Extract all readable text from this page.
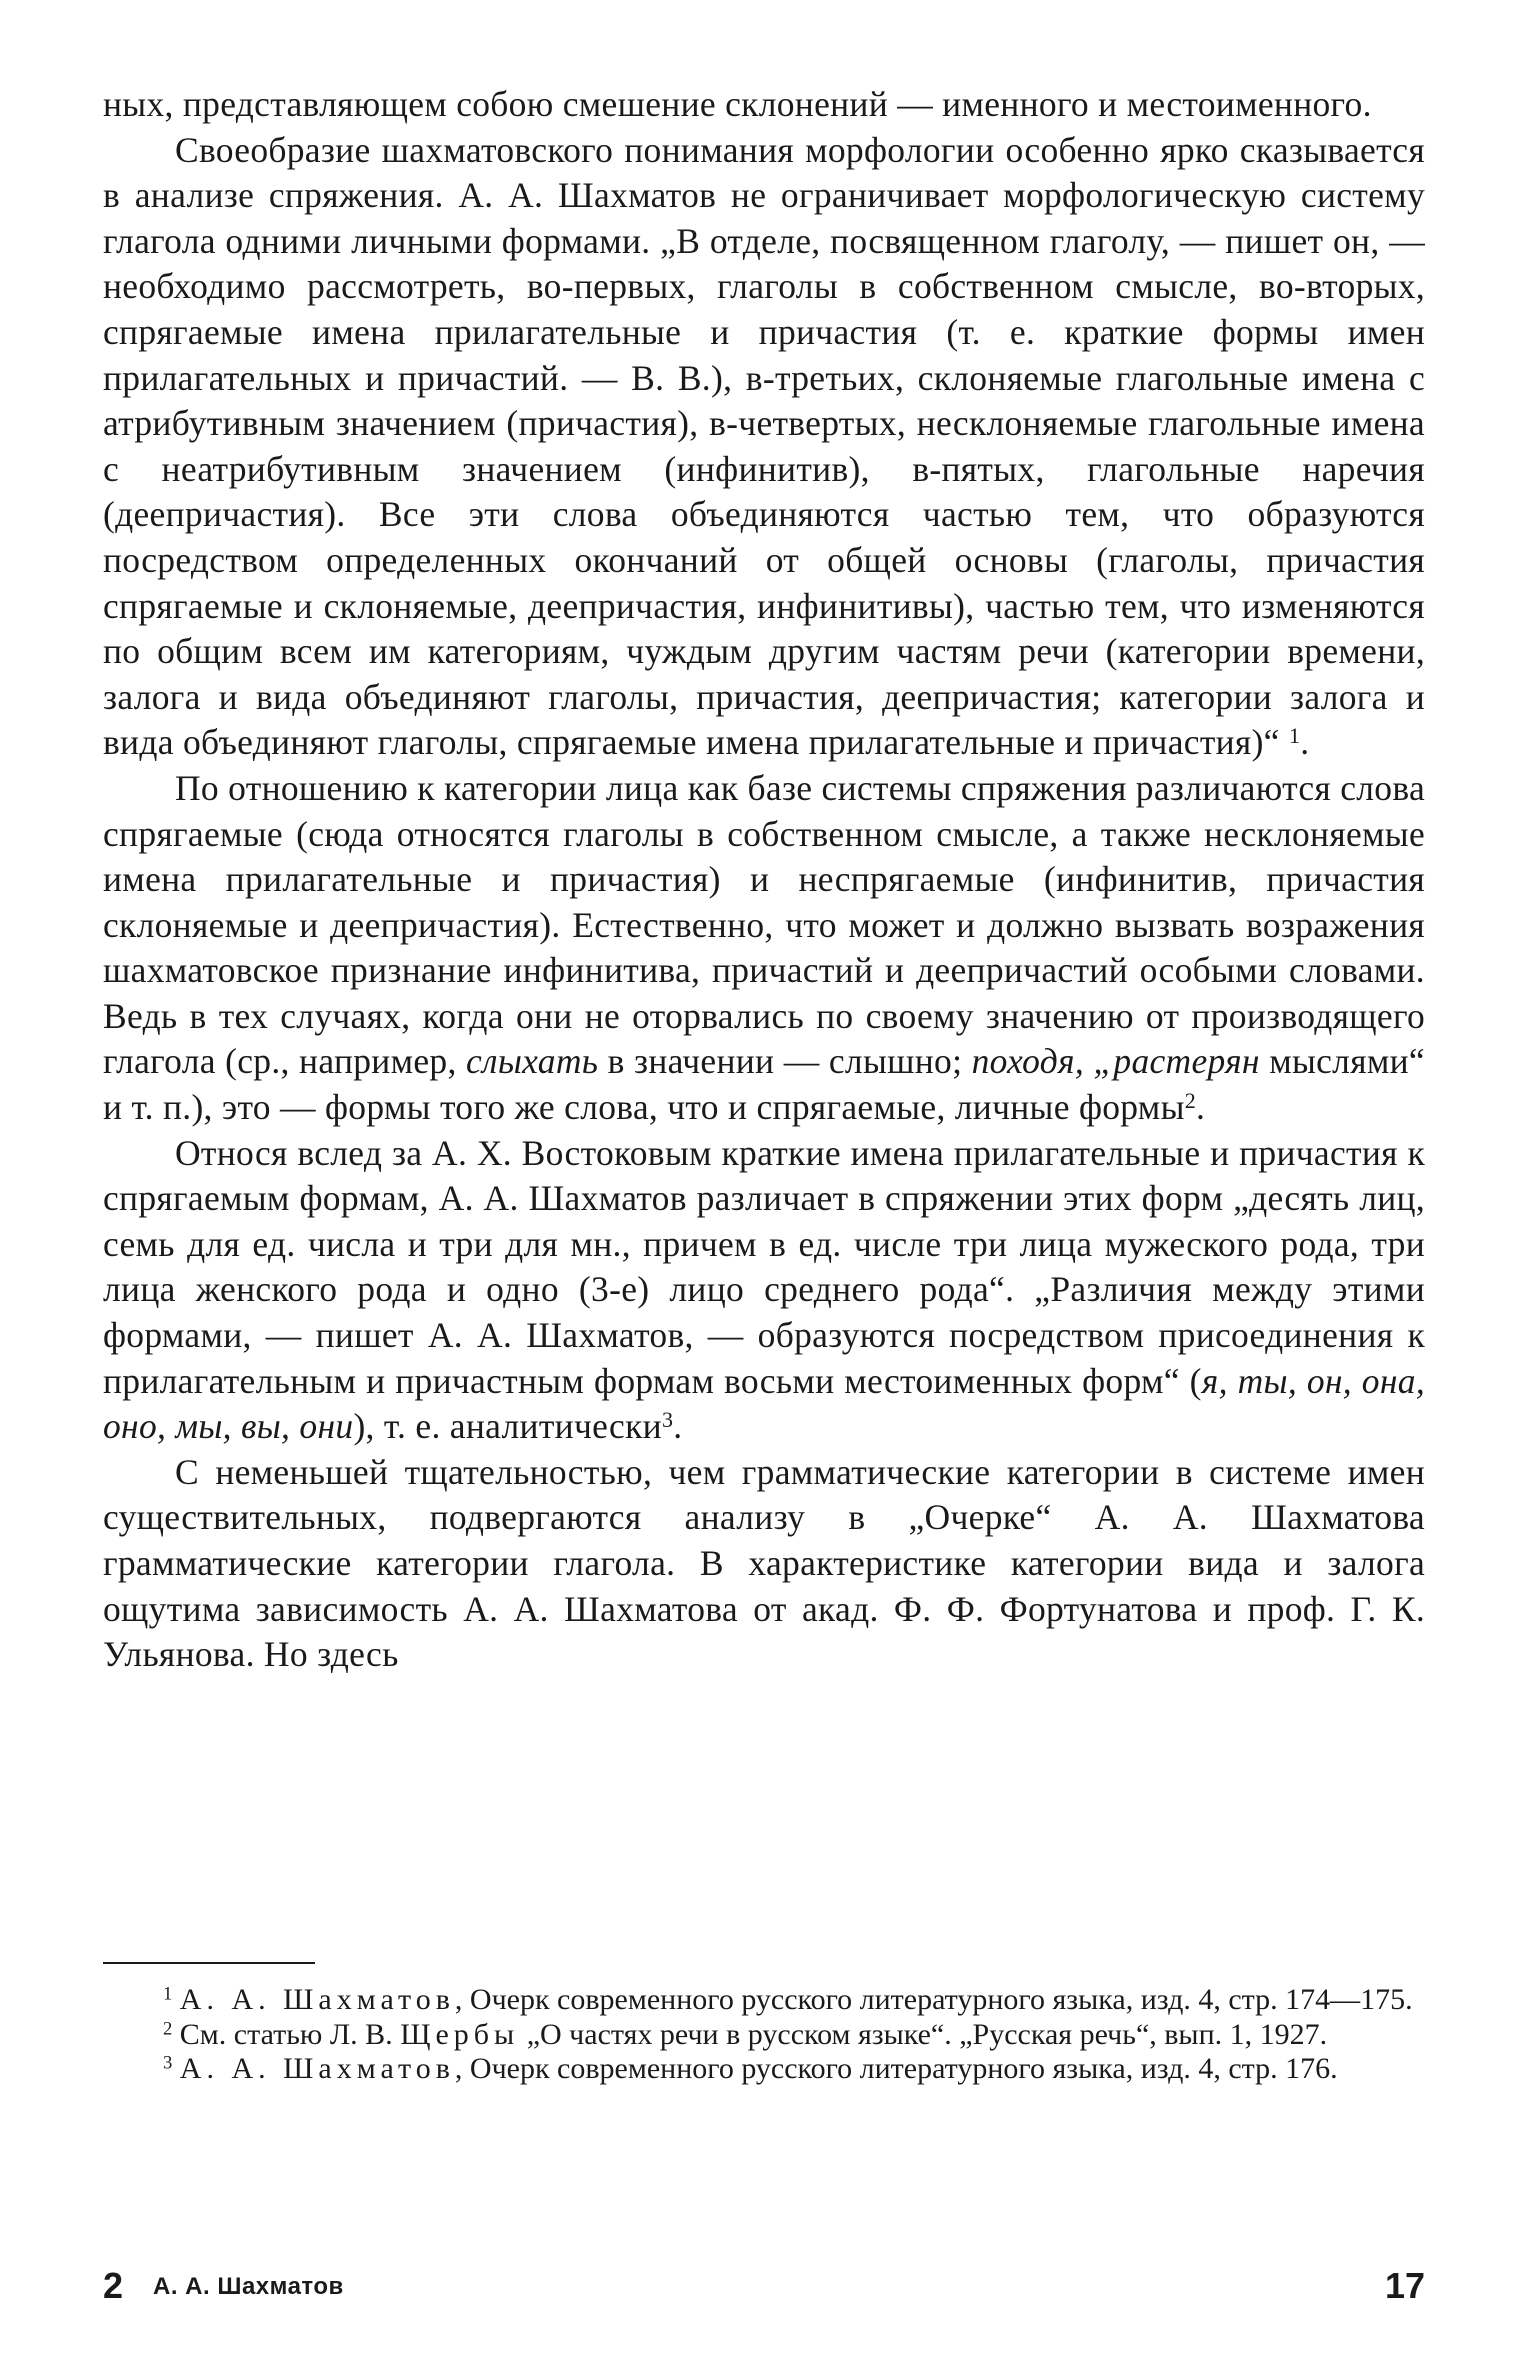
ных, представляющем собою смешение склонений — именного и местоименного.

Своеобразие шахматовского понимания морфологии особенно ярко сказывается в анализе спряжения. А. А. Шахматов не ограничивает морфологическую систему глагола одними личными формами. „В отделе, посвященном глаголу, — пишет он, — необходимо рассмотреть, во-первых, глаголы в собственном смысле, во-вторых, спрягаемые имена прилагательные и причастия (т. е. краткие формы имен прилагательных и причастий. — В. В.), в-третьих, склоняемые глагольные имена с атрибутивным значением (причастия), в-четвертых, несклоняемые глагольные имена с неатрибутивным значением (инфинитив), в-пятых, глагольные наречия (деепричастия). Все эти слова объединяются частью тем, что образуются посредством определенных окончаний от общей основы (глаголы, причастия спрягаемые и склоняемые, деепричастия, инфинитивы), частью тем, что изменяются по общим всем им категориям, чуждым другим частям речи (категории времени, залога и вида объединяют глаголы, причастия, деепричастия; категории залога и вида объединяют глаголы, спрягаемые имена прилагательные и причастия)“ $^1$.

По отношению к категории лица как базе системы спряжения различаются слова спрягаемые (сюда относятся глаголы в собственном смысле, а также несклоняемые имена прилагательные и причастия) и неспрягаемые (инфинитив, причастия склоняемые и деепричастия). Естественно, что может и должно вызвать возражения шахматовское признание инфинитива, причастий и деепричастий особыми словами. Ведь в тех случаях, когда они не оторвались по своему значению от производящего глагола (ср., например, слыхать в значении — слышно; походя, „растерян мыслями“ и т. п.), это — формы того же слова, что и спрягаемые, личные формы$^2$.

Относя вслед за А. Х. Востоковым краткие имена прилагательные и причастия к спрягаемым формам, А. А. Шахматов различает в спряжении этих форм „десять лиц, семь для ед. числа и три для мн., причем в ед. числе три лица мужеского рода, три лица женского рода и одно (3-е) лицо среднего рода“. „Различия между этими формами, — пишет А. А. Шахматов, — образуются посредством присоединения к прилагательным и причастным формам восьми местоименных форм“ (я, ты, он, она, оно, мы, вы, они), т. е. аналитически$^3$.

С неменьшей тщательностью, чем грамматические категории в системе имен существительных, подвергаются анализу в „Очерке“ А. А. Шахматова грамматические категории глагола. В характеристике категории вида и залога ощутима зависимость А. А. Шахматова от акад. Ф. Ф. Фортунатова и проф. Г. К. Ульянова. Но здесь

$^1$ А. А. Шахматов, Очерк современного русского литературного языка, изд. 4, стр. 174—175.

$^2$ См. статью Л. В. Щербы „О частях речи в русском языке“. „Русская речь“, вып. 1, 1927.

$^3$ А. А. Шахматов, Очерк современного русского литературного языка, изд. 4, стр. 176.

2 А. А. Шахматов	17
